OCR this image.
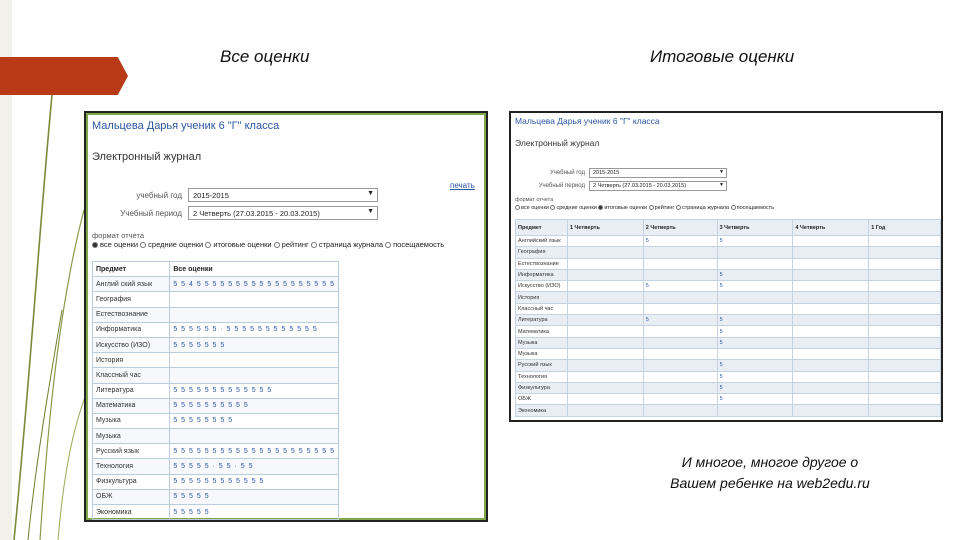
Все оценки	Итоговые оценки
Мальцева Дарья ученик 6 "Г" класса
Электронный журнал
печать
учебный год	2015-2015	▼
Учебный период	2 Четверть (27.03.2015 - 20.03.2015)	▼
формат отчета
все оценки средние оценки итоговые оценки рейтинг страница журнала посещаемость
Предмет	Все оценки
Англий ский язык	5 5 4 5 5 5 5 5 5 5 5 5 5 5 5 5 5 5 5 5 5
География	
Естествознание	
Информатика	5 5 5 5 5 5 · 5 5 5 5 5 5 5 5 5 5 5 5
Искусство (ИЗО)	5 5 5 5 5 5 5
История	
Классный час	
Литература	5 5 5 5 5 5 5 5 5 5 5 5 5
Математика	5 5 5 5 5 5 5 5 5 5
Музыка	5 5 5 5 5 5 5 5
Музыка	
Русский язык	5 5 5 5 5 5 5 5 5 5 5 5 5 5 5 5 5 5 5 5 5
Технология	5 5 5 5 5 · 5 5 · 5 5
Физкультура	5 5 5 5 5 5 5 5 5 5 5 5
ОБЖ	5 5 5 5 5
Экономика	5 5 5 5 5
Мальцева Дарья ученик 6 "Г" класса
Электронный журнал
Учебный год	2015-2015	▼
Учебный период	2 Четверть (27.03.2015 - 20.03.2015)	▼
формат отчета
все оценки средние оценки итоговые оценки рейтинг страница журнала посещаемость
Предмет	1 Четверть	2 Четверть	3 Четверть	4 Четверть	1 Год
Английский язык		5	5		
География					
Естествознание					
Информатика			5		
Искусство (ИЗО)		5	5		
История					
Классный час					
Литература		5	5		
Математика			5		
Музыка			5		
Музыка					
Русский язык			5		
Технология			5		
Физкультура			5		
ОБЖ			5		
Экономика					
И многое, многое другое о
Вашем ребенке на web2edu.ru
